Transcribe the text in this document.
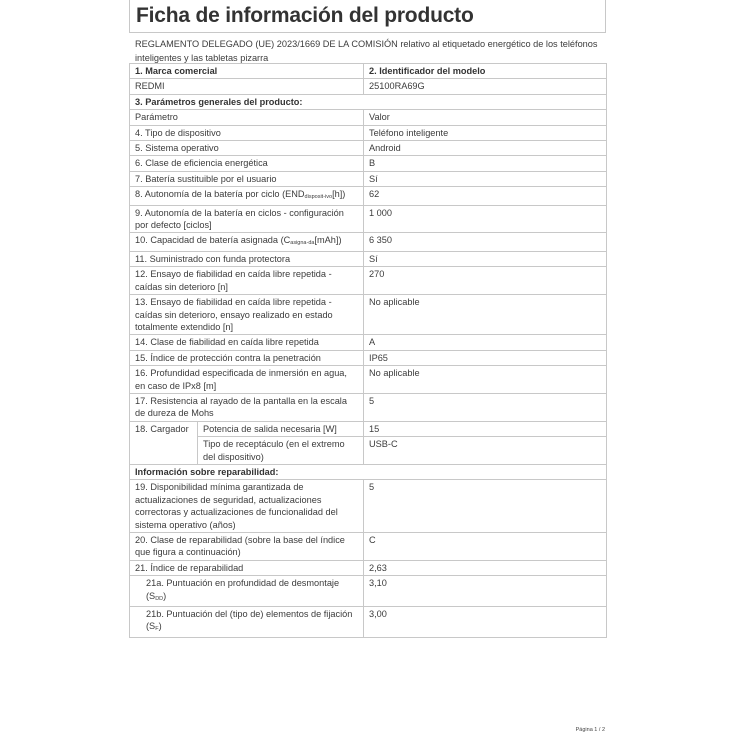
Ficha de información del producto
REGLAMENTO DELEGADO (UE) 2023/1669 DE LA COMISIÓN relativo al etiquetado energético de los teléfonos inteligentes y las tabletas pizarra
1. Marca comercial		2. Identificador del modelo
REDMI		25100RA69G
3. Parámetros generales del producto:		
Parámetro		Valor
4. Tipo de dispositivo		Teléfono inteligente
5. Sistema operativo		Android
6. Clase de eficiencia energética		B
7. Batería sustituible por el usuario		Sí
8. Autonomía de la batería por ciclo (ENDdisposit-ivo[h])		62
9. Autonomía de la batería en ciclos - configuración por defecto [ciclos]		1 000
10. Capacidad de batería asignada (Casigna-da[mAh])		6 350
11. Suministrado con funda protectora		Sí
12. Ensayo de fiabilidad en caída libre repetida - caídas sin deterioro [n]		270
13. Ensayo de fiabilidad en caída libre repetida - caídas sin deterioro, ensayo realizado en estado totalmente extendido [n]		No aplicable
14. Clase de fiabilidad en caída libre repetida		A
15. Índice de protección contra la penetración		IP65
16. Profundidad especificada de inmersión en agua, en caso de IPx8 [m]		No aplicable
17. Resistencia al rayado de la pantalla en la escala de dureza de Mohs		5
18. Cargador	Potencia de salida necesaria [W]	15
	Tipo de receptáculo (en el extremo del dispositivo)	USB-C
Información sobre reparabilidad:		
19. Disponibilidad mínima garantizada de actualizaciones de seguridad, actualizaciones correctoras y actualizaciones de funcionalidad del sistema operativo (años)		5
20. Clase de reparabilidad (sobre la base del índice que figura a continuación)		C
21. Índice de reparabilidad		2,63
21a. Puntuación en profundidad de desmontaje (SDD)		3,10
21b. Puntuación del (tipo de) elementos de fijación (SF)		3,00
Página 1 / 2
